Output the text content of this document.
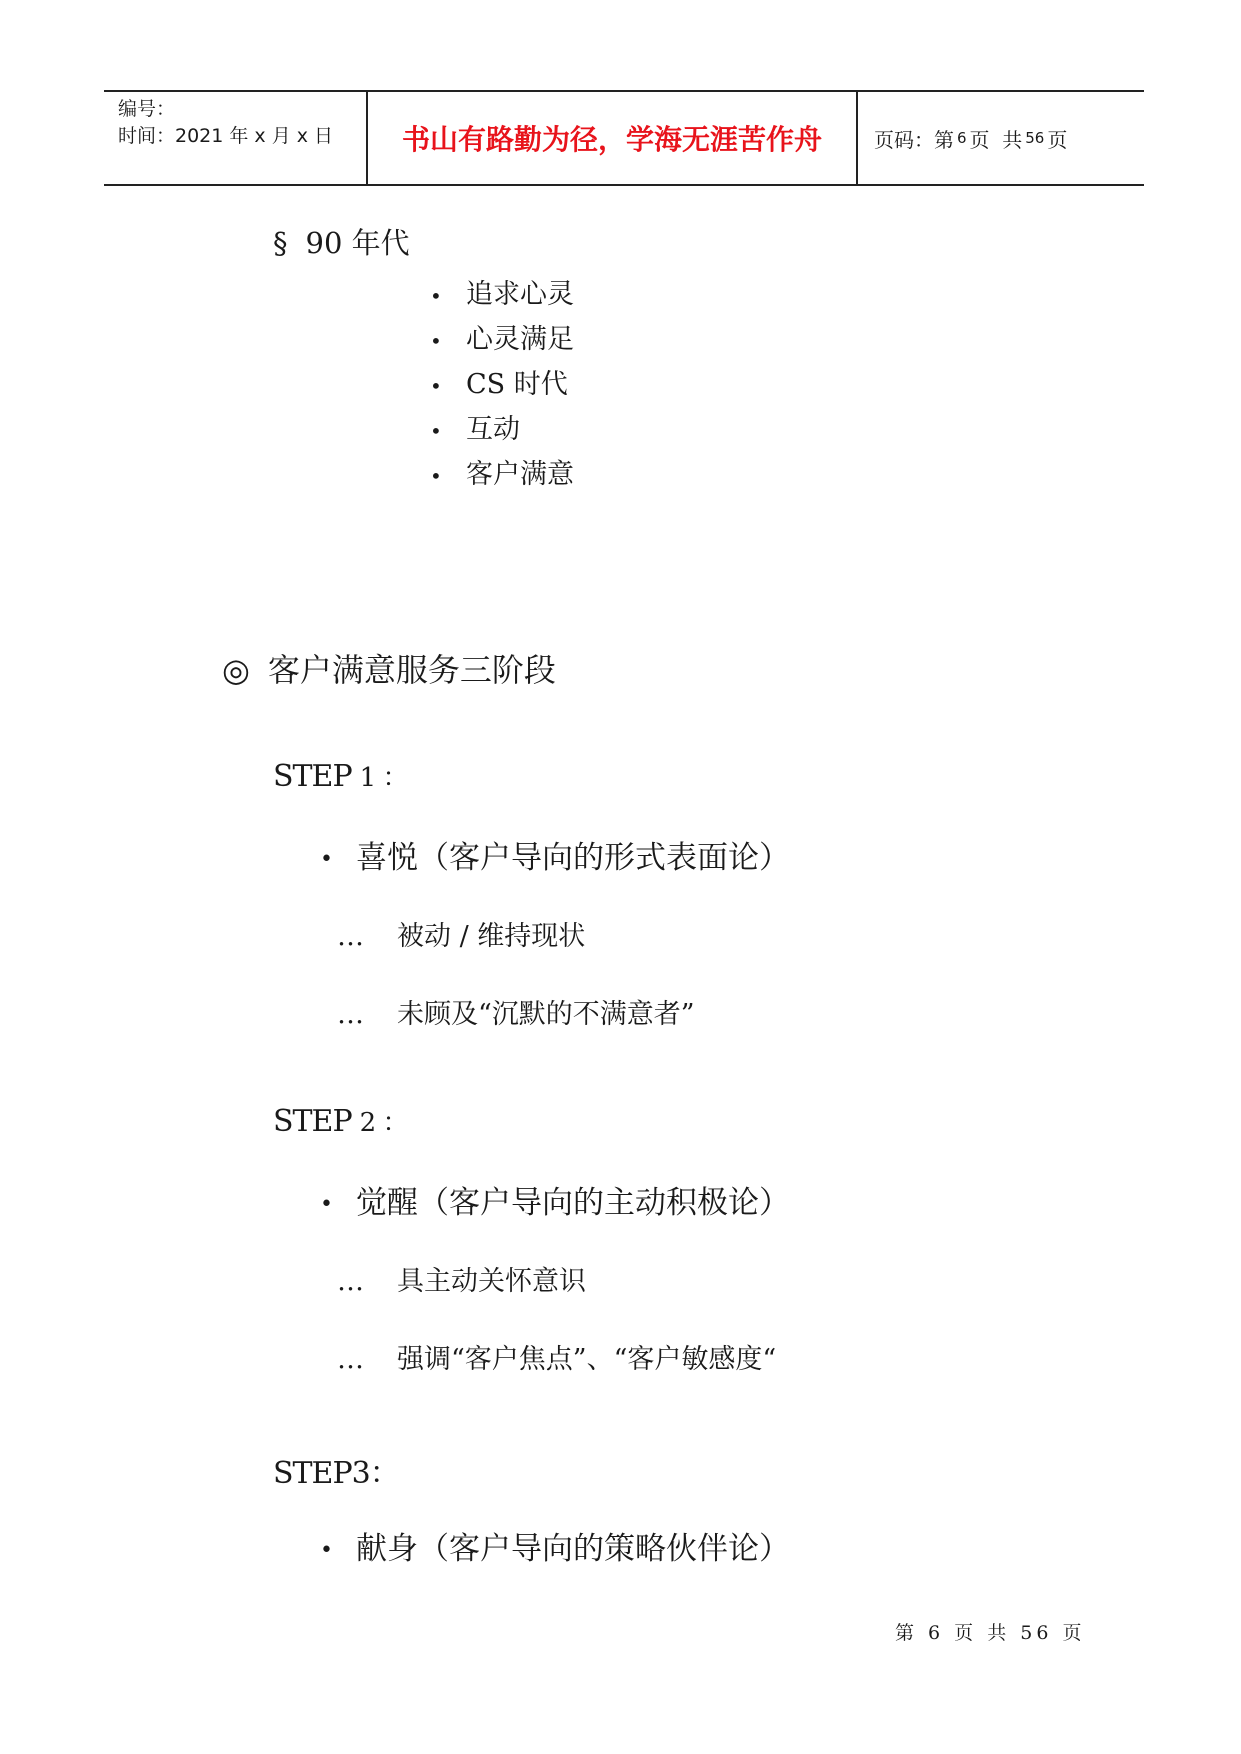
编号：
时间：2021 年 x 月 x 日	书山有路勤为径，学海无涯苦作舟	页码：第 6 页  共 56 页
§ 90 年代
• 追求心灵
• 心灵满足
• CS 时代
• 互动
• 客户满意
◎ 客户满意服务三阶段
STEP 1 ：
• 喜悦（客户导向的形式表面论）
… 被动 / 维持现状
… 未顾及“沉默的不满意者”
STEP 2 ：
• 觉醒（客户导向的主动积极论）
… 具主动关怀意识
… 强调“客户焦点”、“客户敏感度“
STEP3：
• 献身（客户导向的策略伙伴论）
第 6 页 共 56 页
